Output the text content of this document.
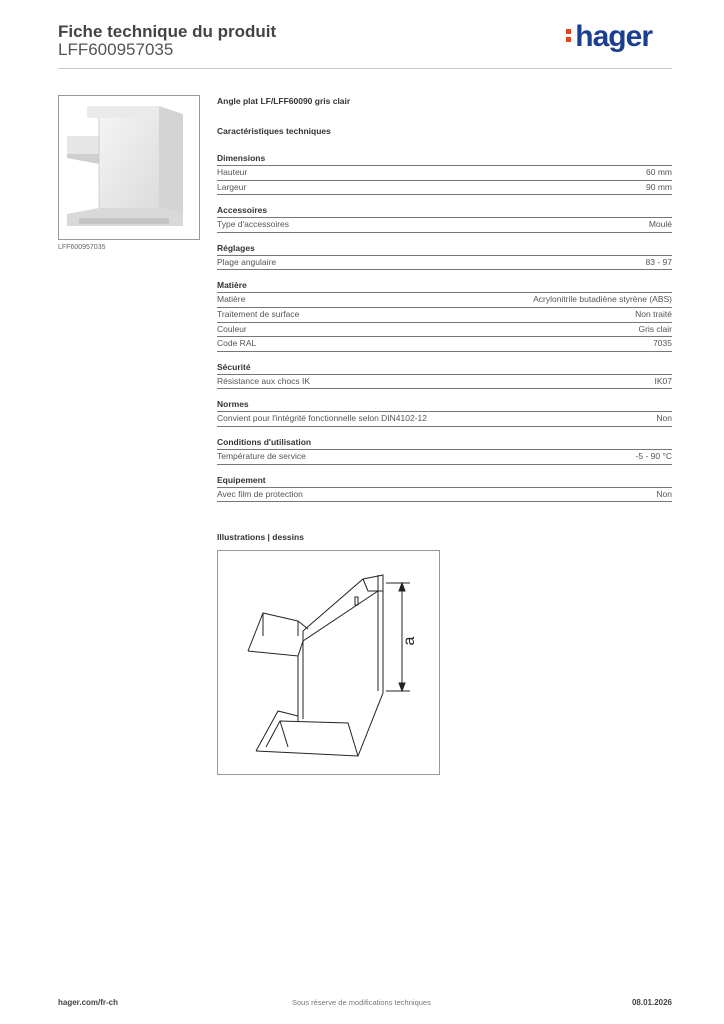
Fiche technique du produit
LFF600957035	hager
LFF600957035
Angle plat LF/LFF60090 gris clair
Caractéristiques techniques
Dimensions
Hauteur	60 mm
Largeur	90 mm
Accessoires
Type d'accessoires	Moulé
Réglages
Plage angulaire	83 - 97
Matière
Matière	Acrylonitrile butadiène styrène (ABS)
Traitement de surface	Non traité
Couleur	Gris clair
Code RAL	7035
Sécurité
Résistance aux chocs IK	IK07
Normes
Convient pour l'intégrité fonctionnelle selon DIN4102-12	Non
Conditions d'utilisation
Température de service	-5 - 90 °C
Equipement
Avec film de protection	Non
Illustrations | dessins
a
hager.com/fr-ch	Sous réserve de modifications techniques	08.01.2026
